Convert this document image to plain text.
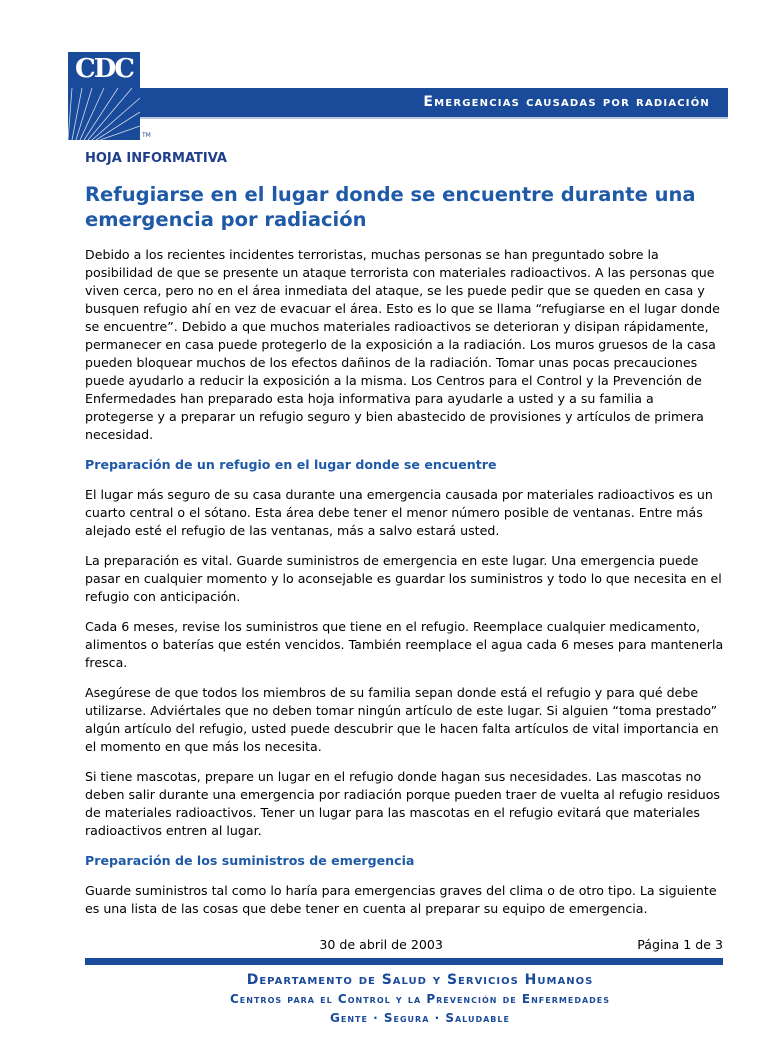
CDC
TM
Emergencias causadas por radiación
HOJA INFORMATIVA
Refugiarse en el lugar donde se encuentre durante una emergencia por radiación

Debido a los recientes incidentes terroristas, muchas personas se han preguntado sobre la posibilidad de que se presente un ataque terrorista con materiales radioactivos. A las personas que viven cerca, pero no en el área inmediata del ataque, se les puede pedir que se queden en casa y busquen refugio ahí en vez de evacuar el área. Esto es lo que se llama “refugiarse en el lugar donde se encuentre”. Debido a que muchos materiales radioactivos se deterioran y disipan rápidamente, permanecer en casa puede protegerlo de la exposición a la radiación. Los muros gruesos de la casa pueden bloquear muchos de los efectos dañinos de la radiación. Tomar unas pocas precauciones puede ayudarlo a reducir la exposición a la misma. Los Centros para el Control y la Prevención de Enfermedades han preparado esta hoja informativa para ayudarle a usted y a su familia a protegerse y a preparar un refugio seguro y bien abastecido de provisiones y artículos de primera necesidad.

Preparación de un refugio en el lugar donde se encuentre

El lugar más seguro de su casa durante una emergencia causada por materiales radioactivos es un cuarto central o el sótano. Esta área debe tener el menor número posible de ventanas. Entre más alejado esté el refugio de las ventanas, más a salvo estará usted.

La preparación es vital. Guarde suministros de emergencia en este lugar. Una emergencia puede pasar en cualquier momento y lo aconsejable es guardar los suministros y todo lo que necesita en el refugio con anticipación.

Cada 6 meses, revise los suministros que tiene en el refugio. Reemplace cualquier medicamento, alimentos o baterías que estén vencidos. También reemplace el agua cada 6 meses para mantenerla fresca.

Asegúrese de que todos los miembros de su familia sepan donde está el refugio y para qué debe utilizarse. Adviértales que no deben tomar ningún artículo de este lugar. Si alguien “toma prestado” algún artículo del refugio, usted puede descubrir que le hacen falta artículos de vital importancia en el momento en que más los necesita.

Si tiene mascotas, prepare un lugar en el refugio donde hagan sus necesidades. Las mascotas no deben salir durante una emergencia por radiación porque pueden traer de vuelta al refugio residuos de materiales radioactivos. Tener un lugar para las mascotas en el refugio evitará que materiales radioactivos entren al lugar.

Preparación de los suministros de emergencia

Guarde suministros tal como lo haría para emergencias graves del clima o de otro tipo. La siguiente es una lista de las cosas que debe tener en cuenta al preparar su equipo de emergencia.

30 de abril de 2003	Página 1 de 3
Departamento de Salud y Servicios Humanos
Centros para el Control y la Prevención de Enfermedades
Gente · Segura · Saludable
